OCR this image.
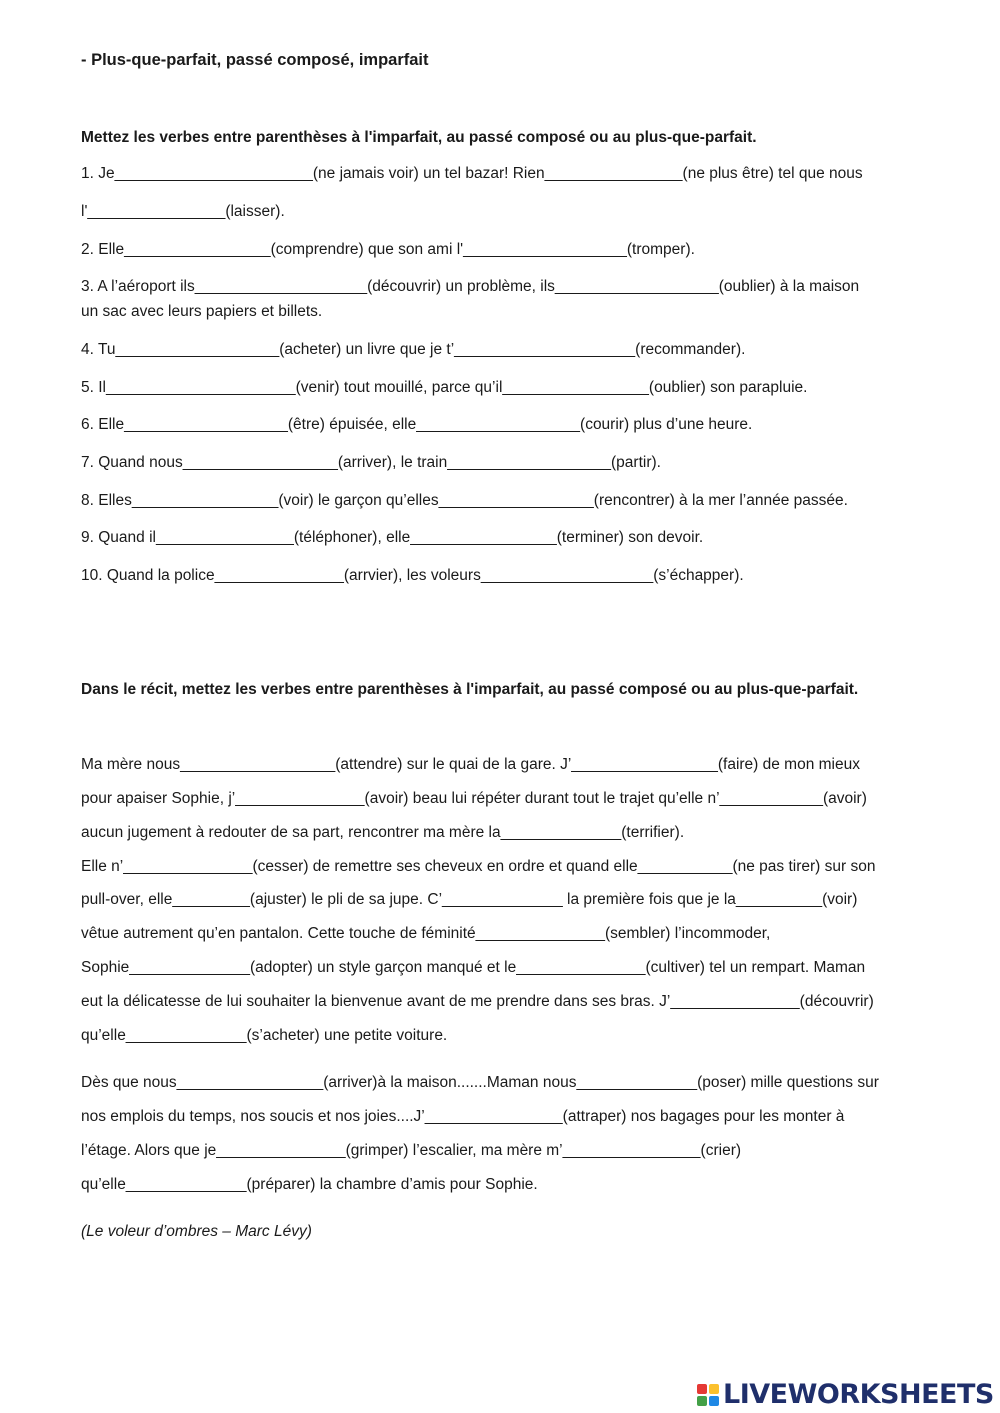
- Plus-que-parfait, passé composé, imparfait
Mettez les verbes entre parenthèses à l'imparfait, au passé composé ou au plus-que-parfait.
1. Je_______________________(ne jamais voir) un tel bazar! Rien________________(ne plus être) tel que nous
l'________________(laisser).
2. Elle_________________(comprendre) que son ami l'___________________(tromper).
3. A l’aéroport ils____________________(découvrir) un problème, ils___________________(oublier) à la maison
un sac avec leurs papiers et billets.
4. Tu___________________(acheter) un livre que je t’_____________________(recommander).
5. Il______________________(venir) tout mouillé, parce qu’il_________________(oublier) son parapluie.
6. Elle___________________(être) épuisée, elle___________________(courir) plus d’une heure.
7. Quand nous__________________(arriver), le train___________________(partir).
8. Elles_________________(voir) le garçon qu’elles__________________(rencontrer) à la mer l’année passée.
9. Quand il________________(téléphoner), elle_________________(terminer) son devoir.
10. Quand la police_______________(arrvier), les voleurs____________________(s’échapper).
Dans le récit, mettez les verbes entre parenthèses à l'imparfait, au passé composé ou au plus-que-parfait.
Ma mère nous__________________(attendre) sur le quai de la gare. J’_________________(faire) de mon mieux
pour apaiser Sophie, j’_______________(avoir) beau lui répéter durant tout le trajet qu’elle n’____________(avoir)
aucun jugement à redouter de sa part, rencontrer ma mère la______________(terrifier).
Elle n’_______________(cesser) de remettre ses cheveux en ordre et quand elle___________(ne pas tirer) sur son
pull-over, elle_________(ajuster) le pli de sa jupe. C’______________ la première fois que je la__________(voir)
vêtue autrement qu’en pantalon. Cette touche de féminité_______________(sembler) l’incommoder,
Sophie______________(adopter) un style garçon manqué et le_______________(cultiver) tel un rempart. Maman
eut la délicatesse de lui souhaiter la bienvenue avant de me prendre dans ses bras. J’_______________(découvrir)
qu’elle______________(s’acheter) une petite voiture.
Dès que nous_________________(arriver)à la maison.......Maman nous______________(poser) mille questions sur
nos emplois du temps, nos soucis et nos joies....J’________________(attraper) nos bagages pour les monter à
l’étage. Alors que je_______________(grimper) l’escalier, ma mère m’________________(crier)
qu’elle______________(préparer) la chambre d’amis pour Sophie.
(Le voleur d’ombres – Marc Lévy)
LIVEWORKSHEETS
